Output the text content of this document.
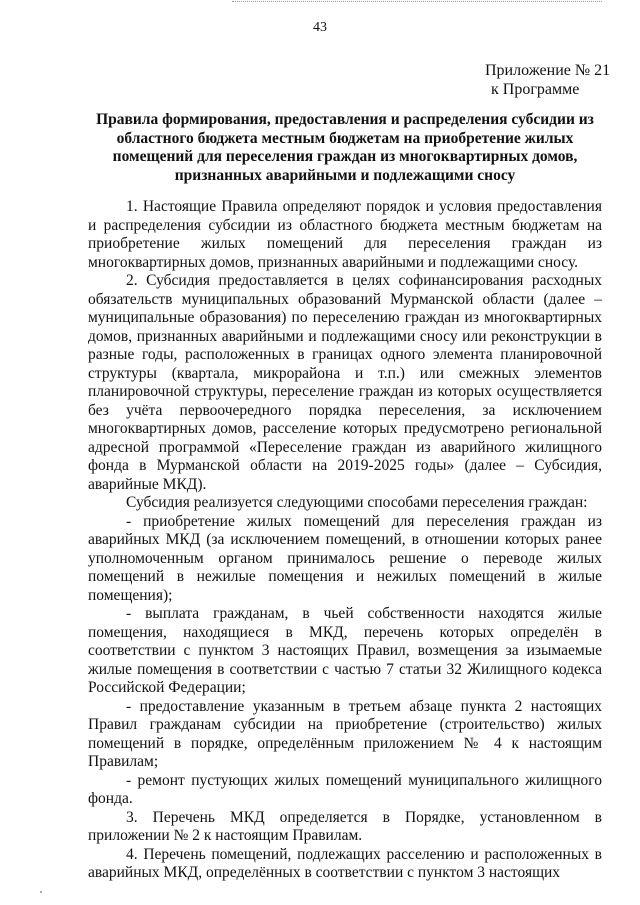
43
Приложение № 21
к Программе
Правила формирования, предоставления и распределения субсидии из областного бюджета местным бюджетам на приобретение жилых помещений для переселения граждан из многоквартирных домов, признанных аварийными и подлежащими сносу

1. Настоящие Правила определяют порядок и условия предоставления и распределения субсидии из областного бюджета местным бюджетам на приобретение жилых помещений для переселения граждан из многоквартирных домов, признанных аварийными и подлежащими сносу.

2. Субсидия предоставляется в целях софинансирования расходных обязательств муниципальных образований Мурманской области (далее – муниципальные образования) по переселению граждан из многоквартирных домов, признанных аварийными и подлежащими сносу или реконструкции в разные годы, расположенных в границах одного элемента планировочной структуры (квартала, микрорайона и т.п.) или смежных элементов планировочной структуры, переселение граждан из которых осуществляется без учёта первоочередного порядка переселения, за исключением многоквартирных домов, расселение которых предусмотрено региональной адресной программой «Переселение граждан из аварийного жилищного фонда в Мурманской области на 2019-2025 годы» (далее – Субсидия, аварийные МКД).

Субсидия реализуется следующими способами переселения граждан:

- приобретение жилых помещений для переселения граждан из аварийных МКД (за исключением помещений, в отношении которых ранее уполномоченным органом принималось решение о переводе жилых помещений в нежилые помещения и нежилых помещений в жилые помещения);

- выплата гражданам, в чьей собственности находятся жилые помещения, находящиеся в МКД, перечень которых определён в соответствии с пунктом 3 настоящих Правил, возмещения за изымаемые жилые помещения в соответствии с частью 7 статьи 32 Жилищного кодекса Российской Федерации;

- предоставление указанным в третьем абзаце пункта 2 настоящих Правил гражданам субсидии на приобретение (строительство) жилых помещений в порядке, определённым приложением № 4 к настоящим Правилам;

- ремонт пустующих жилых помещений муниципального жилищного фонда.

3. Перечень МКД определяется в Порядке, установленном в приложении № 2 к настоящим Правилам.

4. Перечень помещений, подлежащих расселению и расположенных в аварийных МКД, определённых в соответствии с пунктом 3 настоящих
